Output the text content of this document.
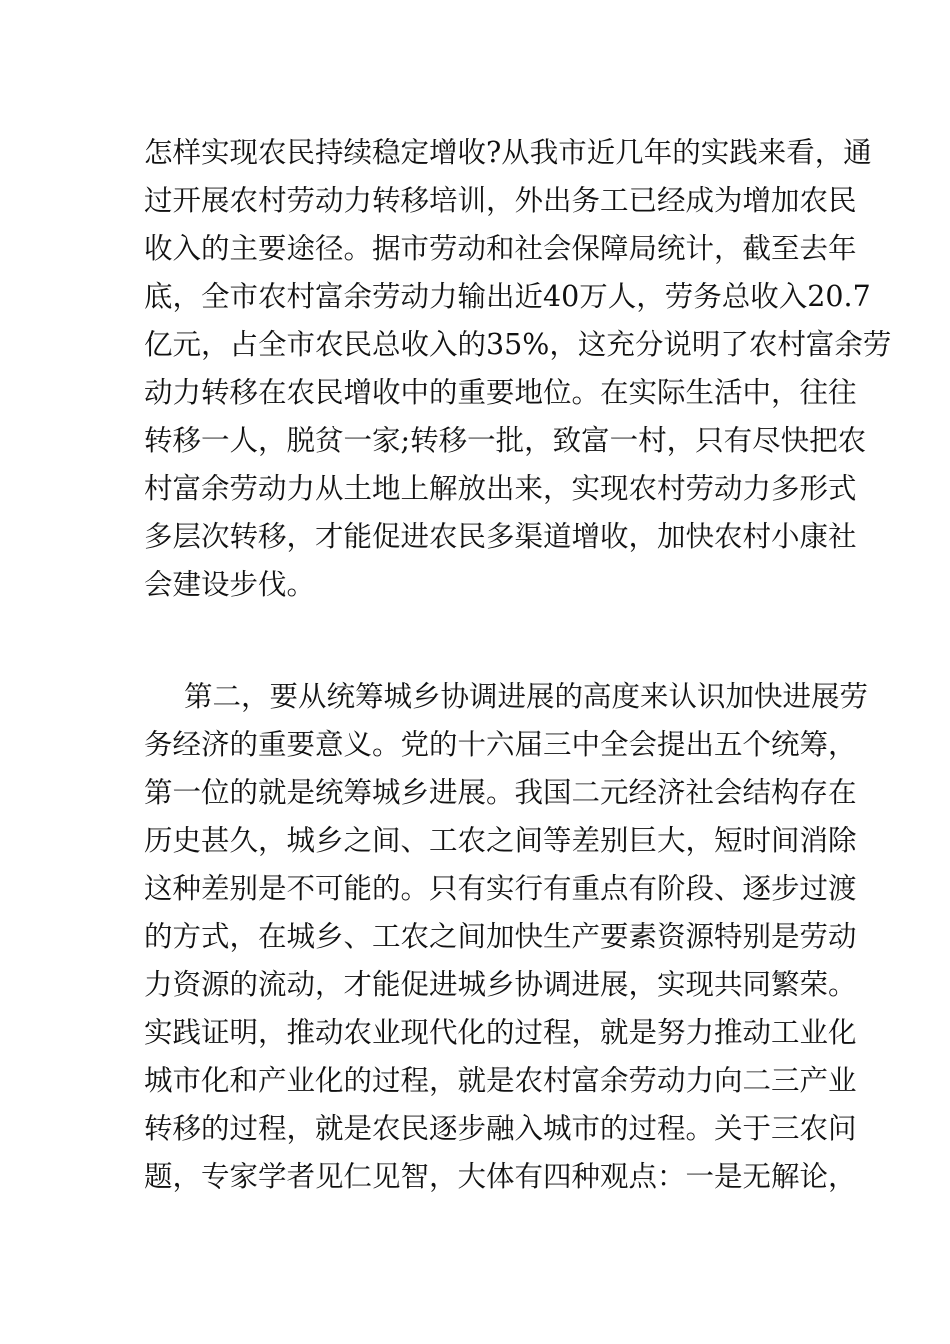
怎样实现农民持续稳定增收?从我市近几年的实践来看，通
过开展农村劳动力转移培训，外出务工已经成为增加农民
收入的主要途径。据市劳动和社会保障局统计，截至去年
底，全市农村富余劳动力输出近40万人，劳务总收入20.7
亿元，占全市农民总收入的35%，这充分说明了农村富余劳
动力转移在农民增收中的重要地位。在实际生活中，往往
转移一人，脱贫一家;转移一批，致富一村，只有尽快把农
村富余劳动力从土地上解放出来，实现农村劳动力多形式
多层次转移，才能促进农民多渠道增收，加快农村小康社
会建设步伐。
第二，要从统筹城乡协调进展的高度来认识加快进展劳
务经济的重要意义。党的十六届三中全会提出五个统筹，
第一位的就是统筹城乡进展。我国二元经济社会结构存在
历史甚久，城乡之间、工农之间等差别巨大，短时间消除
这种差别是不可能的。只有实行有重点有阶段、逐步过渡
的方式，在城乡、工农之间加快生产要素资源特别是劳动
力资源的流动，才能促进城乡协调进展，实现共同繁荣。
实践证明，推动农业现代化的过程，就是努力推动工业化
城市化和产业化的过程，就是农村富余劳动力向二三产业
转移的过程，就是农民逐步融入城市的过程。关于三农问
题，专家学者见仁见智，大体有四种观点：一是无解论，
